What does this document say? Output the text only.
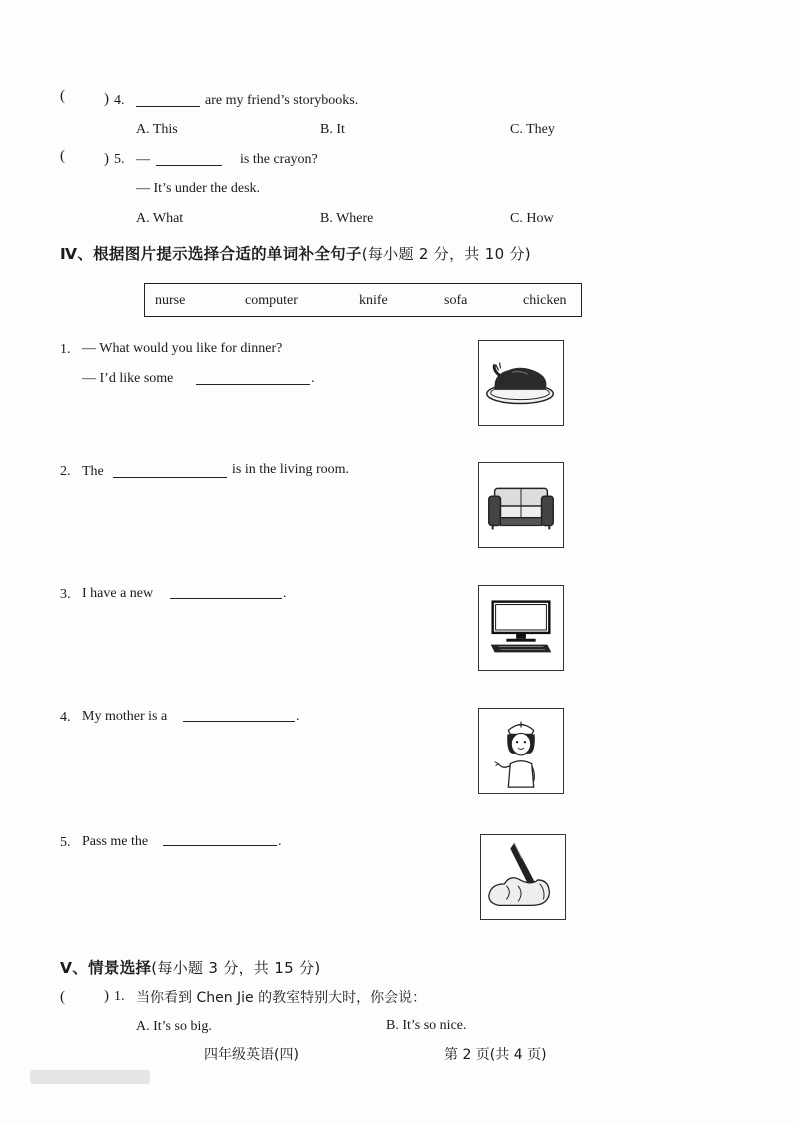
(	) 4.	are my friend’s storybooks.
A. This	B. It	C. They
(	) 5. —	is the crayon?
— It’s under the desk.
A. What	B. Where	C. How
Ⅳ、根据图片提示选择合适的单词补全句子(每小题 2 分，共 10 分)
nurse	computer	knife	sofa	chicken
1. — What would you like for dinner?
— I’d like some	.
2. The	is in the living room.
3. I have a new	.
4. My mother is a	.
5. Pass me the	.
Ⅴ、情景选择(每小题 3 分，共 15 分)
(	) 1. 当你看到 Chen Jie 的教室特别大时，你会说：
A. It’s so big.	B. It’s so nice.
四年级英语(四)	第 2 页(共 4 页)
